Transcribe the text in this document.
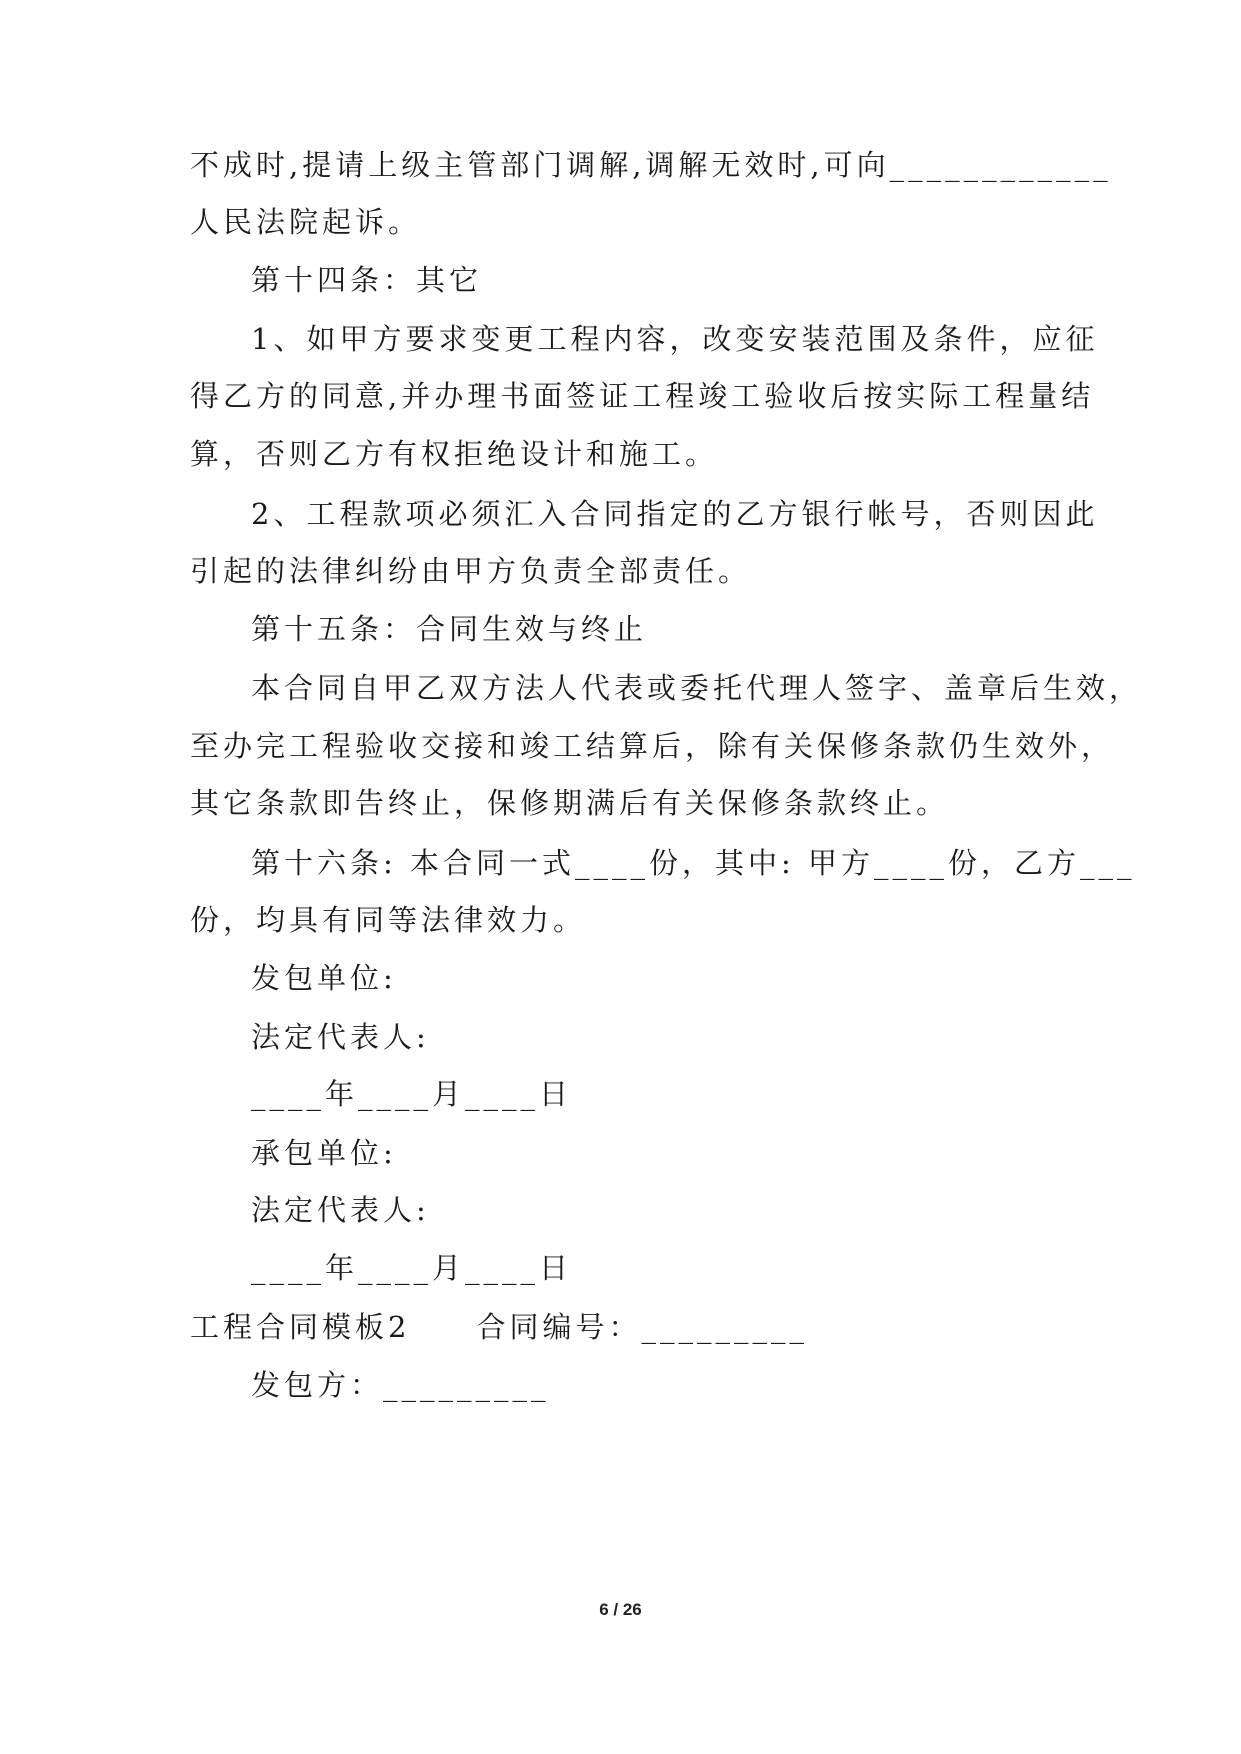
不成时,提请上级主管部门调解,调解无效时,可向____________
人民法院起诉。
第十四条：其它
1、如甲方要求变更工程内容，改变安装范围及条件，应征
得乙方的同意,并办理书面签证工程竣工验收后按实际工程量结
算，否则乙方有权拒绝设计和施工。
2、工程款项必须汇入合同指定的乙方银行帐号，否则因此
引起的法律纠纷由甲方负责全部责任。
第十五条：合同生效与终止
本合同自甲乙双方法人代表或委托代理人签字、盖章后生效，
至办完工程验收交接和竣工结算后，除有关保修条款仍生效外，
其它条款即告终止，保修期满后有关保修条款终止。
第十六条: 本合同一式____份，其中: 甲方____份，乙方___
份，均具有同等法律效力。
发包单位:
法定代表人:
____年____月____日
承包单位:
法定代表人:
____年____月____日
工程合同模板2　　合同编号：_________
发包方：_________
6 / 26
